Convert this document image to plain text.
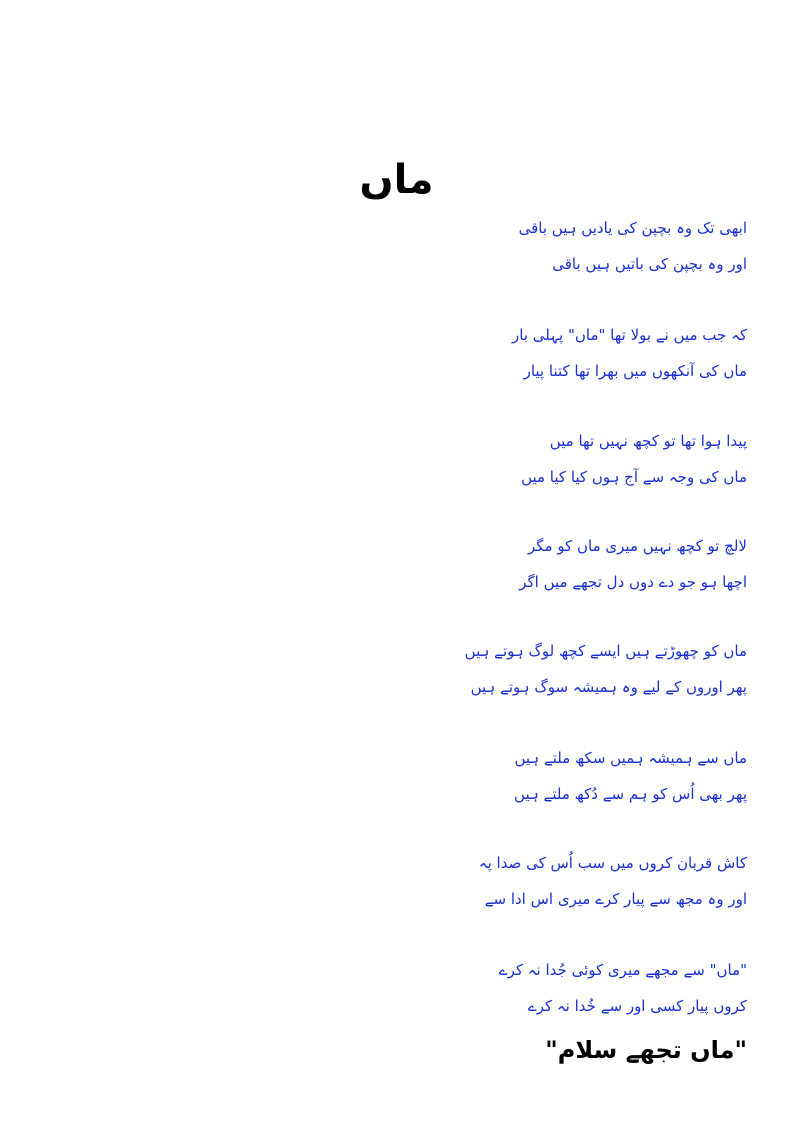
ماں
ابھی تک وہ بچپن کی یادیں ہیں باقی
اور وہ بچپن کی باتیں ہیں باقی
کہ جب میں نے بولا تھا "ماں" پہلی بار
ماں کی آنکھوں میں بھرا تھا کتنا پیار
پیدا ہوا تھا تو کچھ نہیں تھا میں
ماں کی وجہ سے آج ہوں کیا کیا میں
لالچ تو کچھ نہیں میری ماں کو مگر
اچھا ہو جو دے دوں دل تجھے میں اگر
ماں کو چھوڑتے ہیں ایسے کچھ لوگ ہوتے ہیں
پھر اوروں کے لیے وہ ہمیشہ سوگ ہوتے ہیں
ماں سے ہمیشہ ہمیں سکھ ملتے ہیں
پھر بھی اُس کو ہم سے دُکھ ملتے ہیں
کاش قربان کروں میں سب اُس کی صدا پہ
اور وہ مجھ سے پیار کرے میری اس ادا سے
"ماں" سے مجھے میری کوئی جُدا نہ کرے
کروں پیار کسی اور سے خُدا نہ کرے
"ماں تجھے سلام"
